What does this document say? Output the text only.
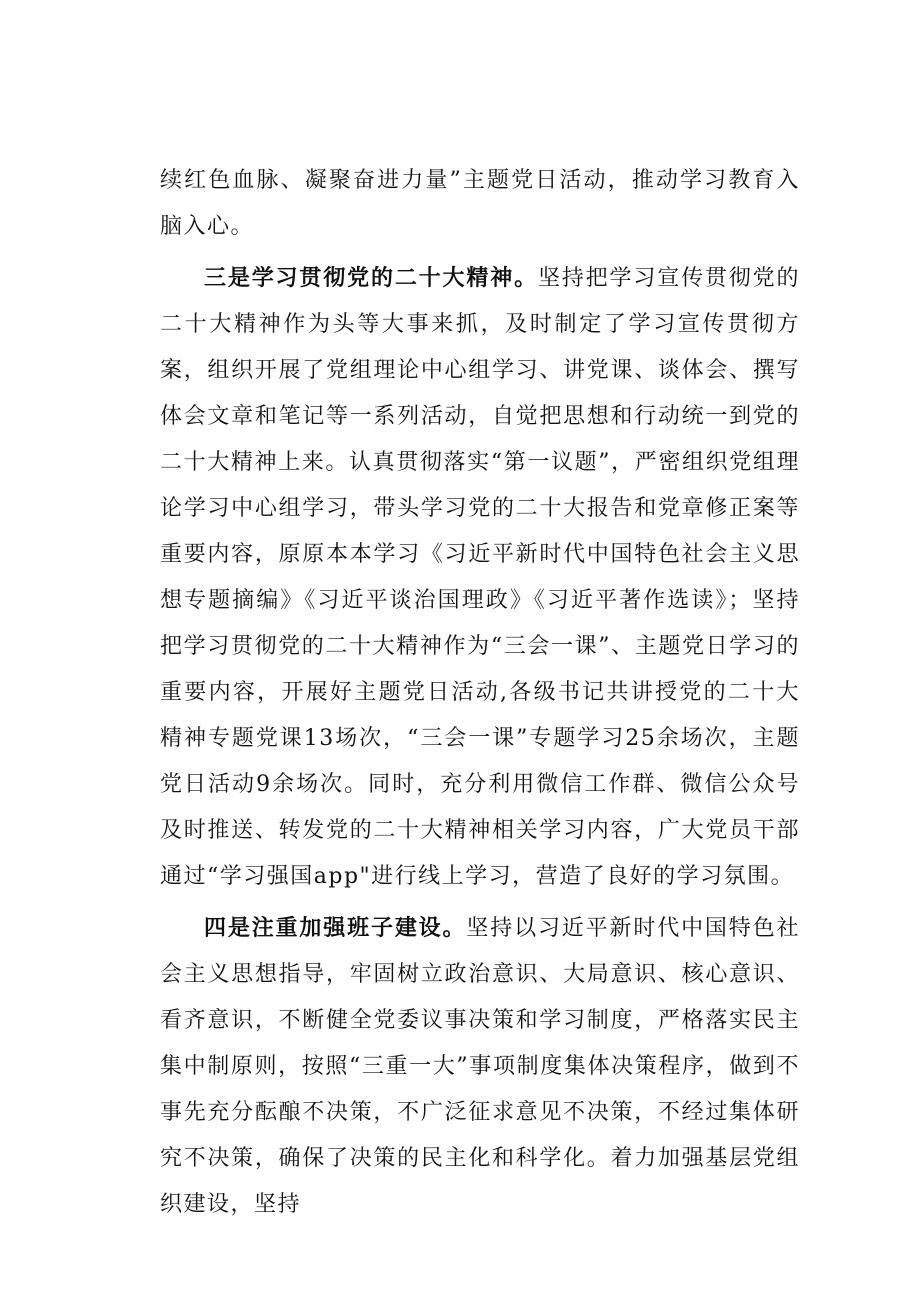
续红色血脉、凝聚奋进力量”主题党日活动，推动学习教育入脑入心。

三是学习贯彻党的二十大精神。坚持把学习宣传贯彻党的二十大精神作为头等大事来抓，及时制定了学习宣传贯彻方案，组织开展了党组理论中心组学习、讲党课、谈体会、撰写体会文章和笔记等一系列活动，自觉把思想和行动统一到党的二十大精神上来。认真贯彻落实“第一议题”，严密组织党组理论学习中心组学习，带头学习党的二十大报告和党章修正案等重要内容，原原本本学习《习近平新时代中国特色社会主义思想专题摘编》《习近平谈治国理政》《习近平著作选读》；坚持把学习贯彻党的二十大精神作为“三会一课”、主题党日学习的重要内容，开展好主题党日活动,各级书记共讲授党的二十大精神专题党课13场次，“三会一课”专题学习25余场次，主题党日活动9余场次。同时，充分利用微信工作群、微信公众号及时推送、转发党的二十大精神相关学习内容，广大党员干部通过“学习强国app"进行线上学习，营造了良好的学习氛围。

四是注重加强班子建设。坚持以习近平新时代中国特色社会主义思想指导，牢固树立政治意识、大局意识、核心意识、看齐意识，不断健全党委议事决策和学习制度，严格落实民主集中制原则，按照“三重一大”事项制度集体决策程序，做到不事先充分酝酿不决策，不广泛征求意见不决策，不经过集体研究不决策，确保了决策的民主化和科学化。着力加强基层党组织建设，坚持
